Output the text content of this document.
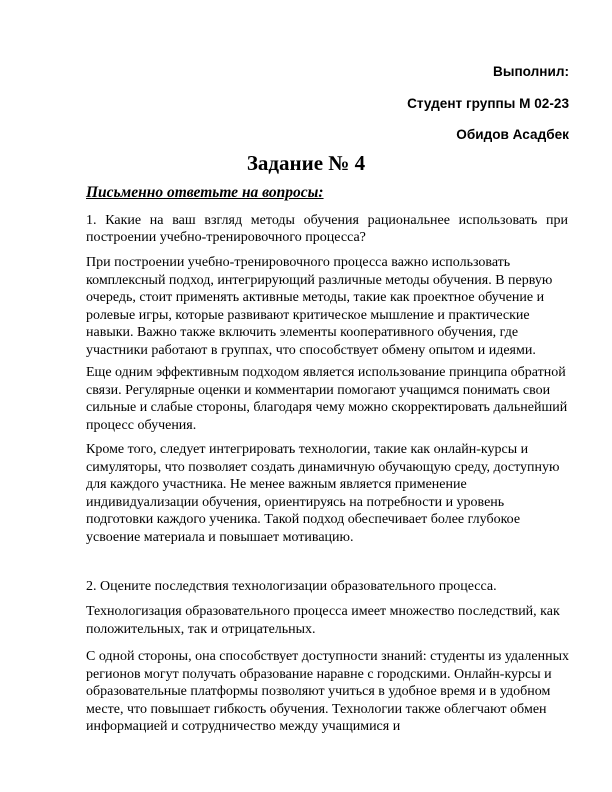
Выполнил:
Студент группы М 02-23
Обидов Асадбек
Задание № 4
Письменно ответьте на вопросы:
1. Какие на ваш взгляд методы обучения рациональнее использовать при построении учебно-тренировочного процесса?
При построении учебно-тренировочного процесса важно использовать комплексный подход, интегрирующий различные методы обучения. В первую очередь, стоит применять активные методы, такие как проектное обучение и ролевые игры, которые развивают критическое мышление и практические навыки. Важно также включить элементы кооперативного обучения, где участники работают в группах, что способствует обмену опытом и идеями.
Еще одним эффективным подходом является использование принципа обратной связи. Регулярные оценки и комментарии помогают учащимся понимать свои сильные и слабые стороны, благодаря чему можно скорректировать дальнейший процесс обучения.
Кроме того, следует интегрировать технологии, такие как онлайн-курсы и симуляторы, что позволяет создать динамичную обучающую среду, доступную для каждого участника. Не менее важным является применение индивидуализации обучения, ориентируясь на потребности и уровень подготовки каждого ученика. Такой подход обеспечивает более глубокое усвоение материала и повышает мотивацию.
2. Оцените последствия технологизации образовательного процесса.
Технологизация образовательного процесса имеет множество последствий, как положительных, так и отрицательных.
С одной стороны, она способствует доступности знаний: студенты из удаленных регионов могут получать образование наравне с городскими. Онлайн-курсы и образовательные платформы позволяют учиться в удобное время и в удобном месте, что повышает гибкость обучения. Технологии также облегчают обмен информацией и сотрудничество между учащимися и
